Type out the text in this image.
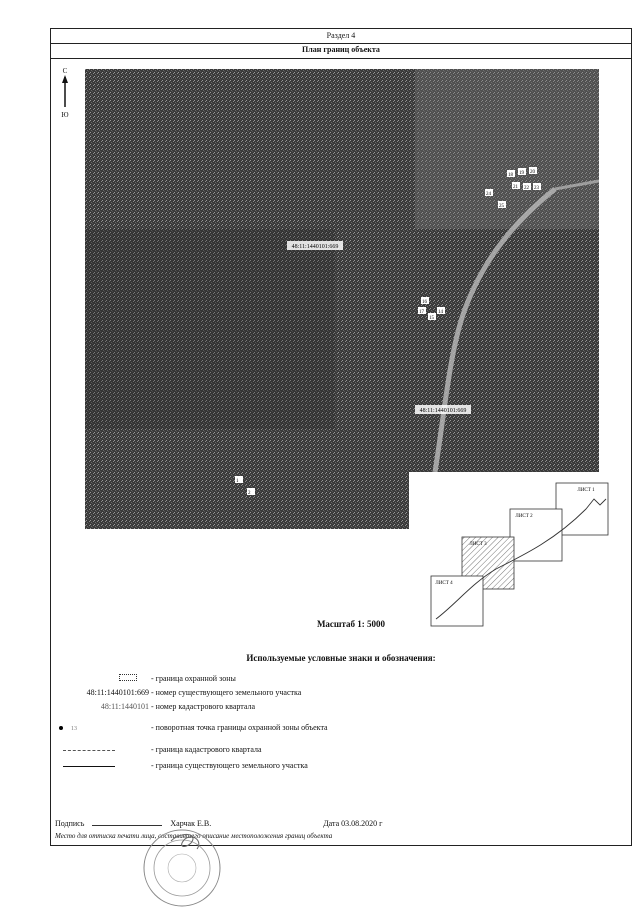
Раздел 4
План границ объекта
С
Ю
48:11:1440101:669
48:11:1440101:669
18 19 20
21 22 23
24
25
16
17
15
14
1
2
ЛИСТ 1
ЛИСТ 2
ЛИСТ 3
ЛИСТ 4
Масштаб 1: 5000
Используемые условные знаки и обозначения:
- граница охранной зоны
48:11:1440101:669 - номер существующего земельного участка
48:11:1440101 - номер кадастрового квартала
13	- поворотная точка границы охранной зоны объекта
- граница кадастрового квартала
- граница существующего земельного участка
Подпись	Харчак Е.В.	Дата 03.08.2020 г
Место для оттиска печати лица, составившего описание местоположения границ объекта
